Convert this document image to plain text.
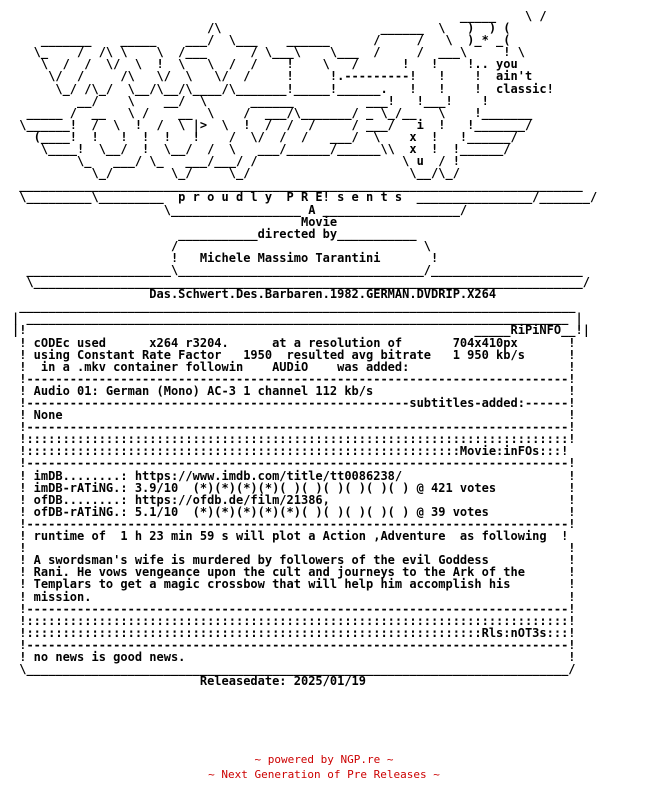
_____    \ /
/\                      ______  \   )  ) (
_______    _____    ___/  \___    ______      /     /   \  )_* _(
\_    /  /\ \    \  /___      / \___\    \___  /     /  ___\     ! \
\  /  /  \/  \  !  \   \  /  /    !    \   /      !   !    !.. you
\/  /     /\   \/  \   \/  /     !     !.---------!   !    !  ain't
\_/ /\_/  \__/\__/\____/\_______!_____!______.   !   !    !  classic!
__/    \    __/  \      ______          ___!   !___!    !
_____ /  __   \ /    __  \    /  ___/\_______/ _ \_/__   \    !_______
\______!  /  \  !  /  \ |>  \  !  /  /  /     / ___/   i  !   !_______/
(____!  !   !  !  !   !    /  \/  /  /   ___/  \    x  !   !______/
\____!  \__/  !  \__/  /  \   ___/______/______\\  x  !  !______/
\_   ___/ \_   ___/___/ /                    \ u  / !
\_/        \_/     \_/                      \__/\_/
______________________________________________________________________________
\_________\_________  p r o u d l y  P R E! s e n t s  ________________/_______/
\__________________ A ___________________/
Movie
___________directed by___________
/                                  \
!   Michele Massimo Tarantini       !
____________________\__________________________________/_____________________
\____________________________________________________________________________/
Das.Schwert.Des.Barbaren.1982.GERMAN.DVDRIP.X264
_____________________________________________________________________________
| ___________________________________________________________________________ |
|!                                                              _____RiPiNFO__!|
! cODEc used      x264 r3204.      at a resolution of       704x410px       !
! using Constant Rate Factor   1950  resulted avg bitrate   1 950 kb/s      !
!  in a .mkv container followin    AUDiO    was added:                      !
!---------------------------------------------------------------------------!
! Audio 01: German (Mono) AC-3 1 channel 112 kb/s                           !
!-----------------------------------------------------subtitles-added:------!
! None                                                                      !
!---------------------------------------------------------------------------!
!:::::::::::::::::::::::::::::::::::::::::::::::::::::::::::::::::::::::::::!
!::::::::::::::::::::::::::::::::::::::::::::::::::::::::::::Movie:inFOs:::!
!---------------------------------------------------------------------------!
! imDB........: https://www.imdb.com/title/tt0086238/                       !
! imDB-rATiNG.: 3.9/10  (*)(*)(*)(*)( )( )( )( )( )( ) @ 421 votes          !
! ofDB........: https://ofdb.de/film/21386,                                 !
! ofDB-rATiNG.: 5.1/10  (*)(*)(*)(*)(*)( )( )( )( )( ) @ 39 votes           !
!---------------------------------------------------------------------------!
! runtime of  1 h 23 min 59 s will plot a Action ,Adventure  as following  !
!                                                                           !
! A swordsman's wife is murdered by followers of the evil Goddess           !
! Rani. He vows vengeance upon the cult and journeys to the Ark of the      !
! Templars to get a magic crossbow that will help him accomplish his        !
! mission.                                                                  !
!---------------------------------------------------------------------------!
!:::::::::::::::::::::::::::::::::::::::::::::::::::::::::::::::::::::::::::!
!:::::::::::::::::::::::::::::::::::::::::::::::::::::::::::::::Rls:nOT3s:::!
!---------------------------------------------------------------------------!
! no news is good news.                                                     !
\___________________________________________________________________________/
Releasedate: 2025/01/19

~ powered by NGP.re ~
~ Next Generation of Pre Releases ~
